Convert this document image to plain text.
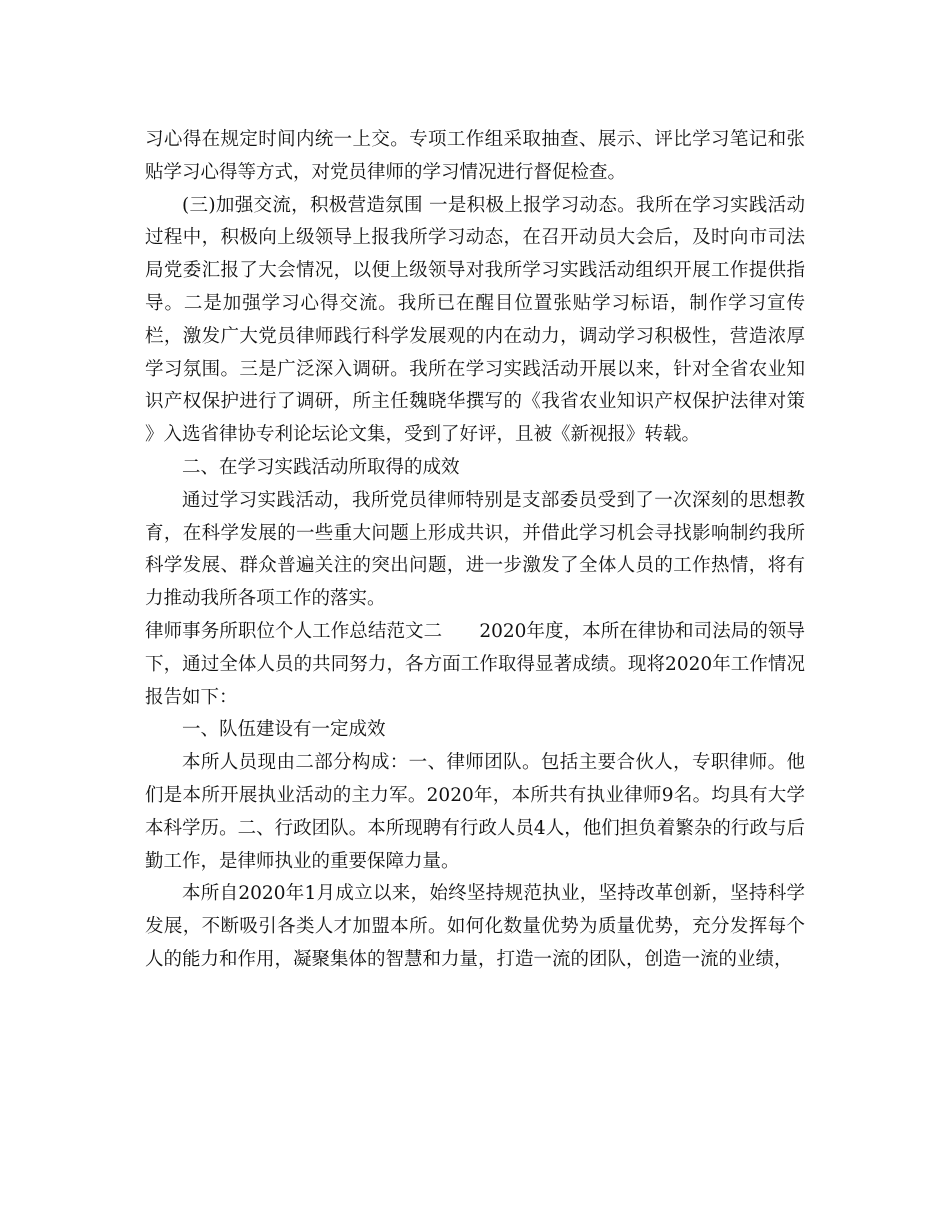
习心得在规定时间内统一上交。专项工作组采取抽查、展示、评比学习笔记和张贴学习心得等方式，对党员律师的学习情况进行督促检查。

(三)加强交流，积极营造氛围 一是积极上报学习动态。我所在学习实践活动过程中，积极向上级领导上报我所学习动态，在召开动员大会后，及时向市司法局党委汇报了大会情况，以便上级领导对我所学习实践活动组织开展工作提供指导。二是加强学习心得交流。我所已在醒目位置张贴学习标语，制作学习宣传栏，激发广大党员律师践行科学发展观的内在动力，调动学习积极性，营造浓厚学习氛围。三是广泛深入调研。我所在学习实践活动开展以来，针对全省农业知识产权保护进行了调研，所主任魏晓华撰写的《我省农业知识产权保护法律对策 》入选省律协专利论坛论文集，受到了好评，且被《新视报》转载。

二、在学习实践活动所取得的成效

通过学习实践活动，我所党员律师特别是支部委员受到了一次深刻的思想教育，在科学发展的一些重大问题上形成共识，并借此学习机会寻找影响制约我所科学发展、群众普遍关注的突出问题，进一步激发了全体人员的工作热情，将有力推动我所各项工作的落实。

律师事务所职位个人工作总结范文二　　2020年度，本所在律协和司法局的领导下，通过全体人员的共同努力，各方面工作取得显著成绩。现将2020年工作情况报告如下：

一、队伍建设有一定成效

本所人员现由二部分构成：一、律师团队。包括主要合伙人，专职律师。他们是本所开展执业活动的主力军。2020年，本所共有执业律师9名。均具有大学本科学历。二、行政团队。本所现聘有行政人员4人，他们担负着繁杂的行政与后勤工作，是律师执业的重要保障力量。

本所自2020年1月成立以来，始终坚持规范执业，坚持改革创新，坚持科学发展，不断吸引各类人才加盟本所。如何化数量优势为质量优势，充分发挥每个人的能力和作用，凝聚集体的智慧和力量，打造一流的团队，创造一流的业绩，
